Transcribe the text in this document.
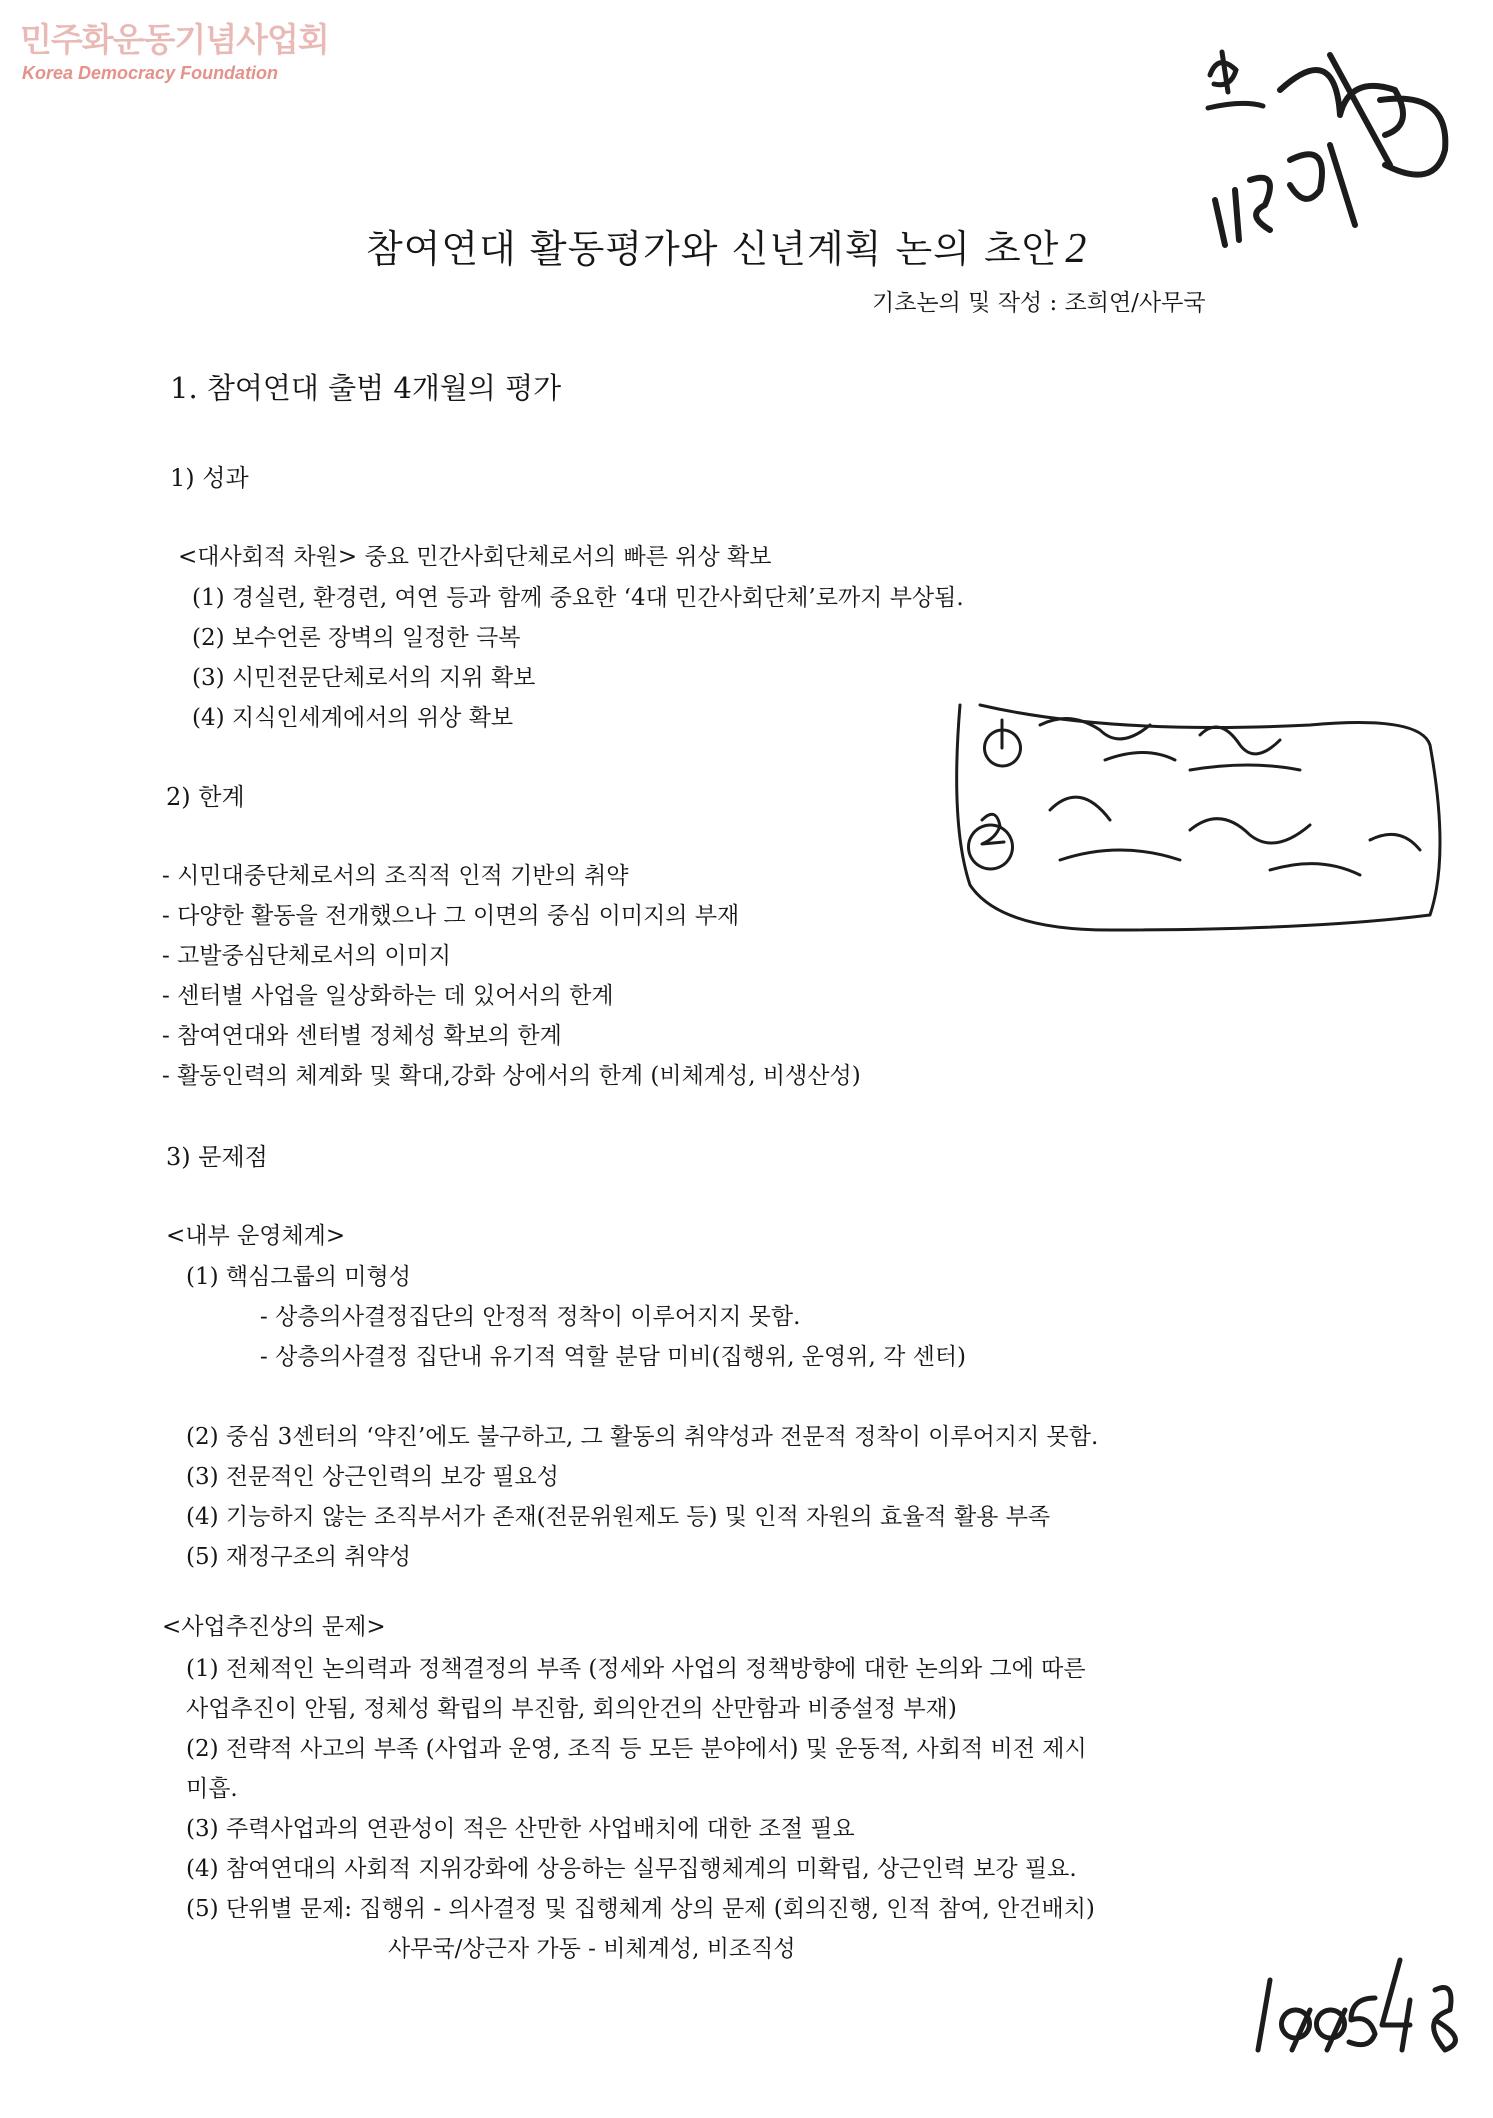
민주화운동기념사업회
Korea Democracy Foundation
참여연대 활동평가와 신년계획 논의 초안 2
기초논의 및 작성 : 조희연/사무국
1. 참여연대 출범 4개월의 평가
1) 성과
<대사회적 차원> 중요 민간사회단체로서의 빠른 위상 확보
(1) 경실련, 환경련, 여연 등과 함께 중요한 ‘4대 민간사회단체’로까지 부상됨.
(2) 보수언론 장벽의 일정한 극복
(3) 시민전문단체로서의 지위 확보
(4) 지식인세계에서의 위상 확보
2) 한계
- 시민대중단체로서의 조직적 인적 기반의 취약
- 다양한 활동을 전개했으나 그 이면의 중심 이미지의 부재
- 고발중심단체로서의 이미지
- 센터별 사업을 일상화하는 데 있어서의 한계
- 참여연대와 센터별 정체성 확보의 한계
- 활동인력의 체계화 및 확대,강화 상에서의 한계 (비체계성, 비생산성)
3) 문제점
<내부 운영체계>
(1) 핵심그룹의 미형성
- 상층의사결정집단의 안정적 정착이 이루어지지 못함.
- 상층의사결정 집단내 유기적 역할 분담 미비(집행위, 운영위, 각 센터)
(2) 중심 3센터의 ‘약진’에도 불구하고, 그 활동의 취약성과 전문적 정착이 이루어지지 못함.
(3) 전문적인 상근인력의 보강 필요성
(4) 기능하지 않는 조직부서가 존재(전문위원제도 등) 및 인적 자원의 효율적 활용 부족
(5) 재정구조의 취약성
<사업추진상의 문제>
(1) 전체적인 논의력과 정책결정의 부족 (정세와 사업의 정책방향에 대한 논의와 그에 따른
사업추진이 안됨, 정체성 확립의 부진함, 회의안건의 산만함과 비중설정 부재)
(2) 전략적 사고의 부족 (사업과 운영, 조직 등 모든 분야에서) 및 운동적, 사회적 비전 제시
미흡.
(3) 주력사업과의 연관성이 적은 산만한 사업배치에 대한 조절 필요
(4) 참여연대의 사회적 지위강화에 상응하는 실무집행체계의 미확립, 상근인력 보강 필요.
(5) 단위별 문제: 집행위 - 의사결정 및 집행체계 상의 문제 (회의진행, 인적 참여, 안건배치)
사무국/상근자 가동 - 비체계성, 비조직성
